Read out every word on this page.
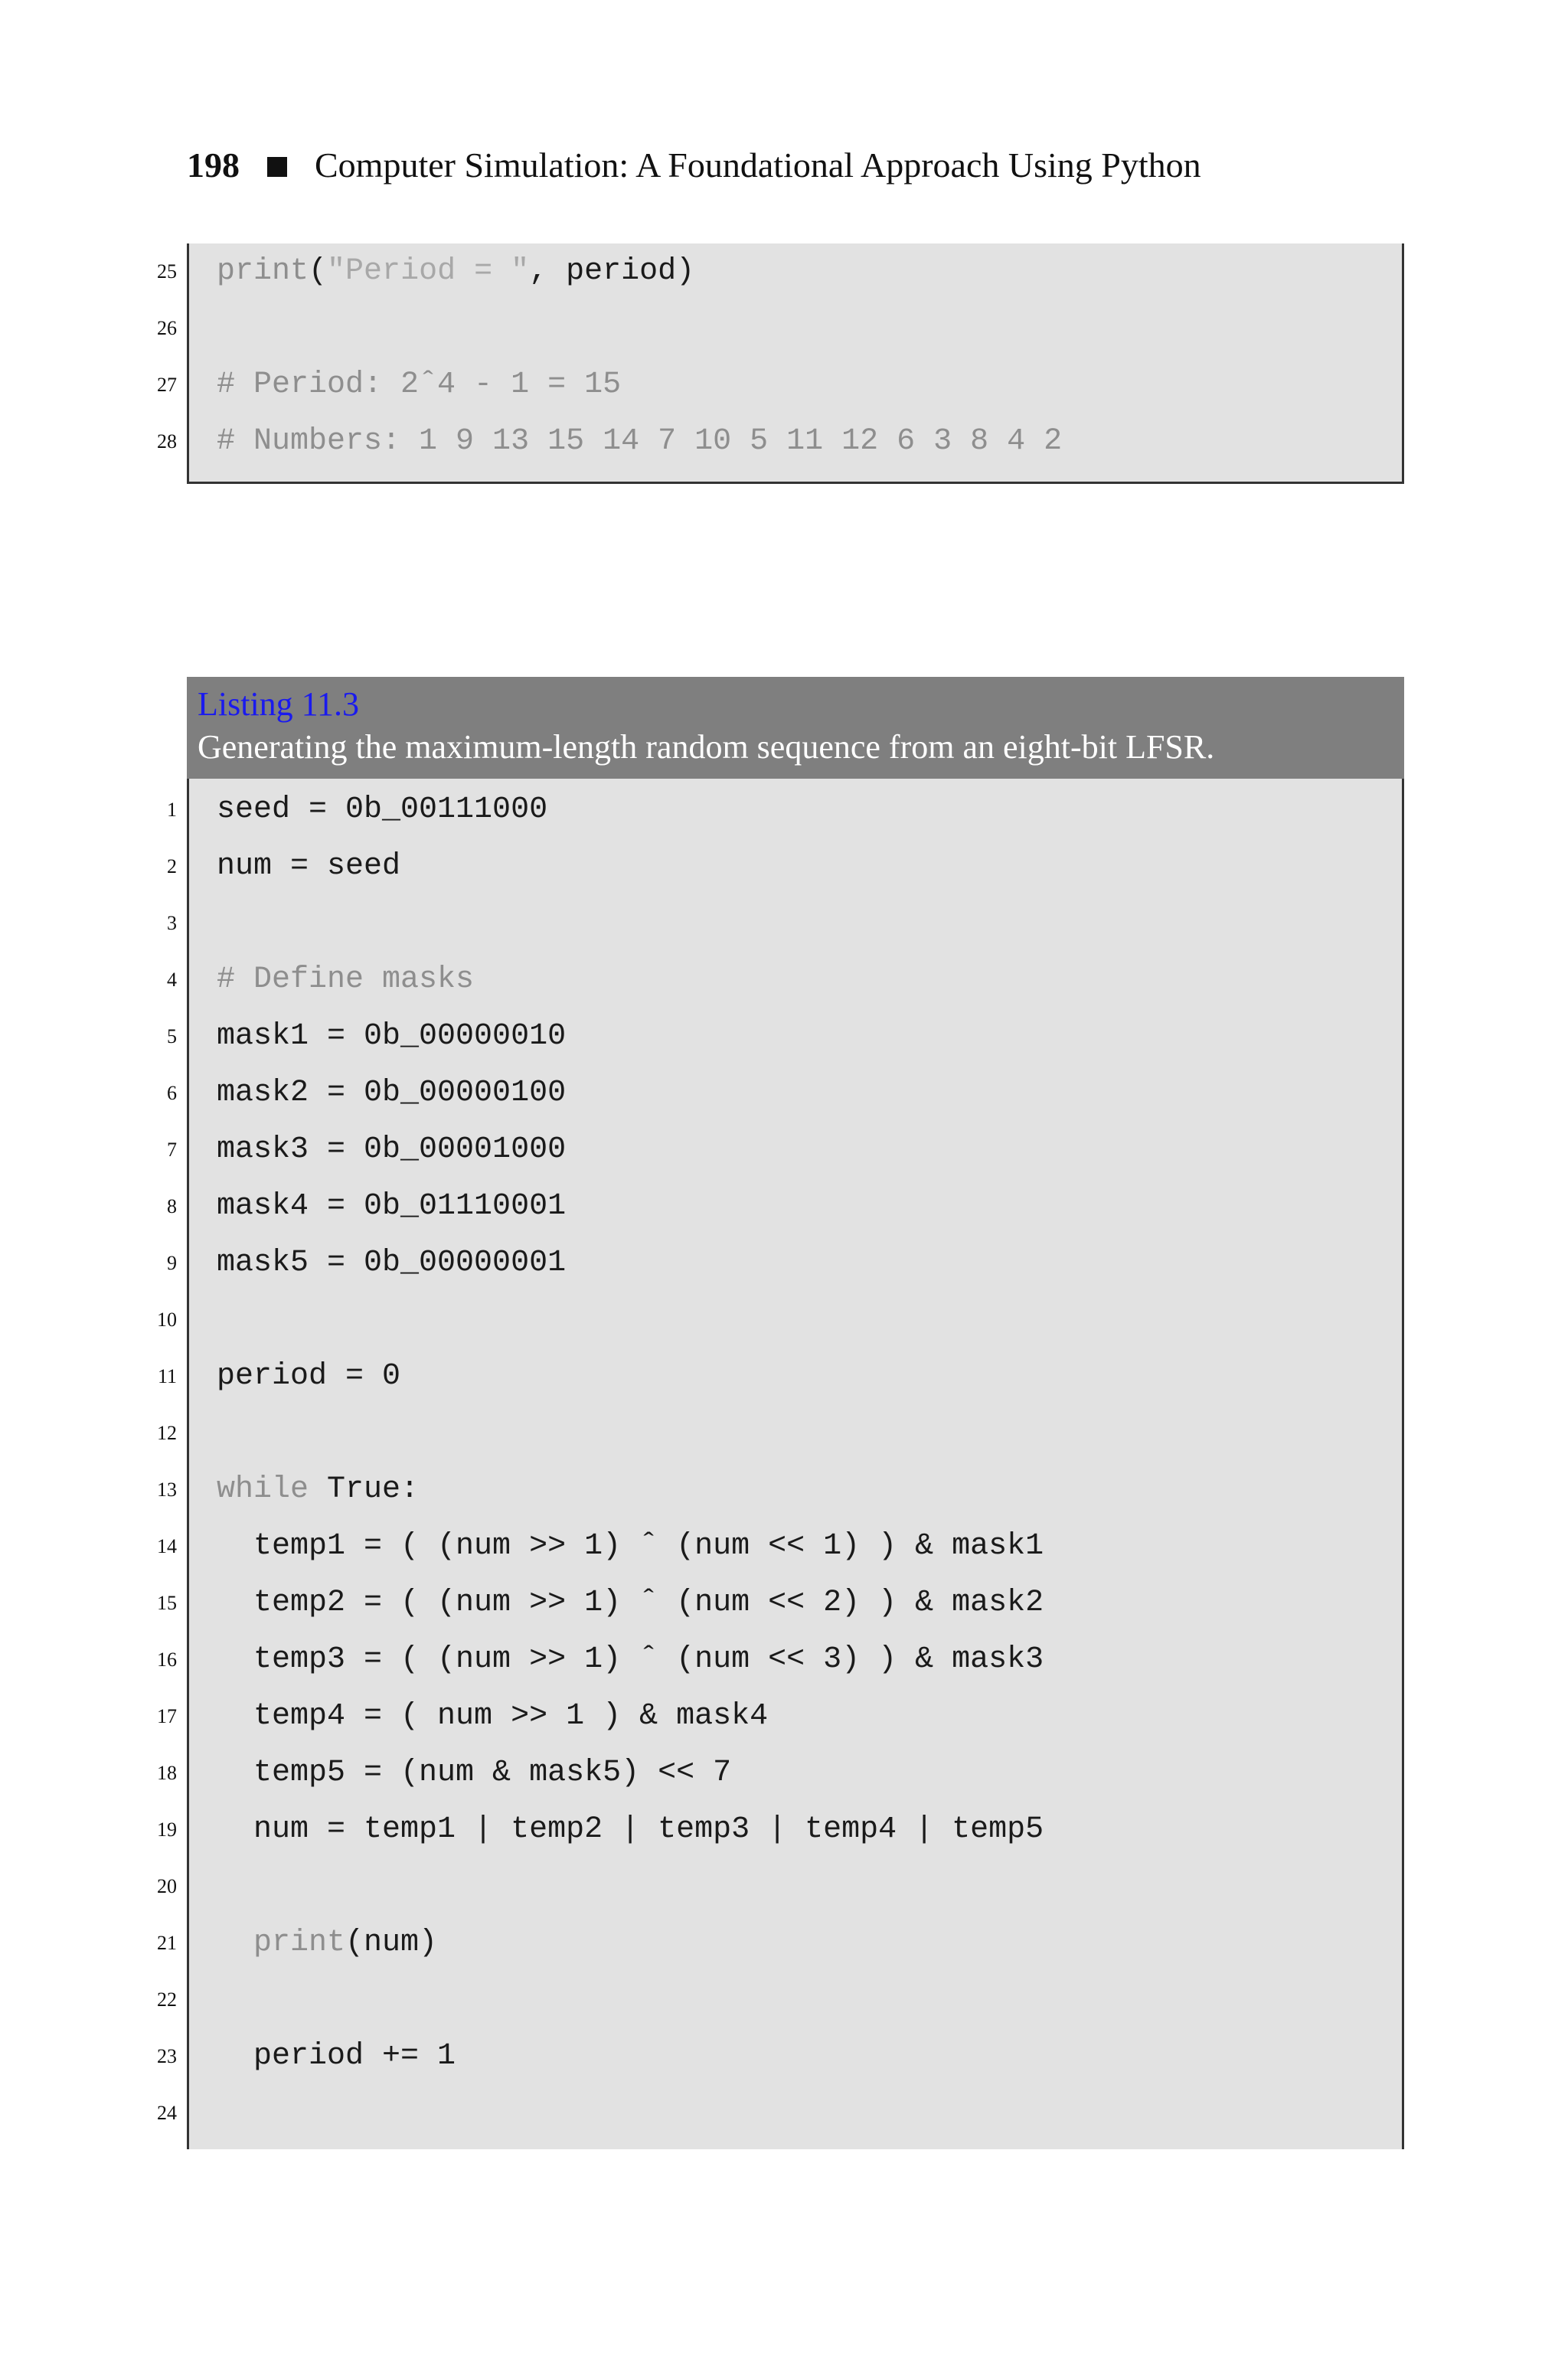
198 Computer Simulation: A Foundational Approach Using Python
25 print("Period = ", period)
26
27 # Period: 2ˆ4 - 1 = 15
28 # Numbers: 1 9 13 15 14 7 10 5 11 12 6 3 8 4 2
Listing 11.3
Generating the maximum-length random sequence from an eight-bit LFSR.
1 seed = 0b_00111000
2 num = seed
3
4 # Define masks
5 mask1 = 0b_00000010
6 mask2 = 0b_00000100
7 mask3 = 0b_00001000
8 mask4 = 0b_01110001
9 mask5 = 0b_00000001
10
11 period = 0
12
13 while True:
14 temp1 = ( (num >> 1) ˆ (num << 1) ) & mask1
15 temp2 = ( (num >> 1) ˆ (num << 2) ) & mask2
16 temp3 = ( (num >> 1) ˆ (num << 3) ) & mask3
17 temp4 = ( num >> 1 ) & mask4
18 temp5 = (num & mask5) << 7
19 num = temp1 | temp2 | temp3 | temp4 | temp5
20
21 print(num)
22
23 period += 1
24
